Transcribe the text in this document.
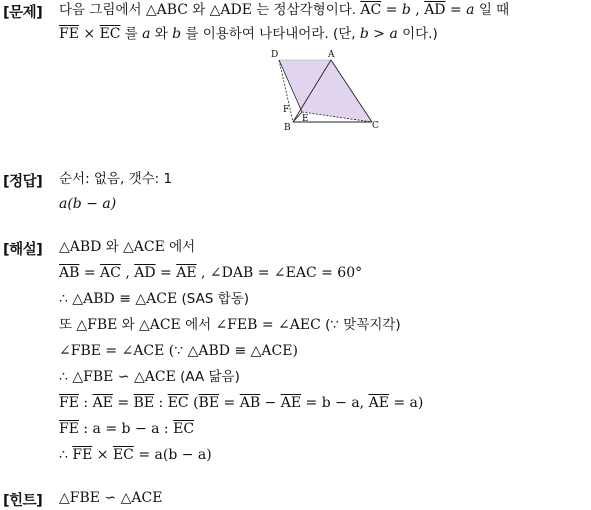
[문제] 다음 그림에서 △ABC 와 △ADE 는 정삼각형이다. $\overline{AC} = b$ , $\overline{AD} = a$ 일 때
$\overline{FE} \times \overline{EC}$ 를 a 와 b 를 이용하여 나타내어라. (단, b > a 이다.)
D	A
F
E
B	C
[정답] 순서: 없음, 갯수: 1
a(b − a)
[해설] △ABD 와 △ACE 에서
$\overline{AB} = \overline{AC}$ , $\overline{AD} = \overline{AE}$ , ∠DAB = ∠EAC = 60°
∴ △ABD ≡ △ACE (SAS 합동)
또 △FBE 와 △ACE 에서 ∠FEB = ∠AEC (∵ 맞꼭지각)
∠FBE = ∠ACE (∵ △ABD ≡ △ACE)
∴ △FBE ∽ △ACE (AA 닮음)
$\overline{FE}$ : $\overline{AE} = \overline{BE}$ : $\overline{EC}$ ($\overline{BE} = \overline{AB} - \overline{AE} = b - a$, $\overline{AE} = a$)
$\overline{FE}$ : a = b − a : $\overline{EC}$
∴ $\overline{FE} \times \overline{EC} = a(b - a)$
[힌트] △FBE ∽ △ACE
